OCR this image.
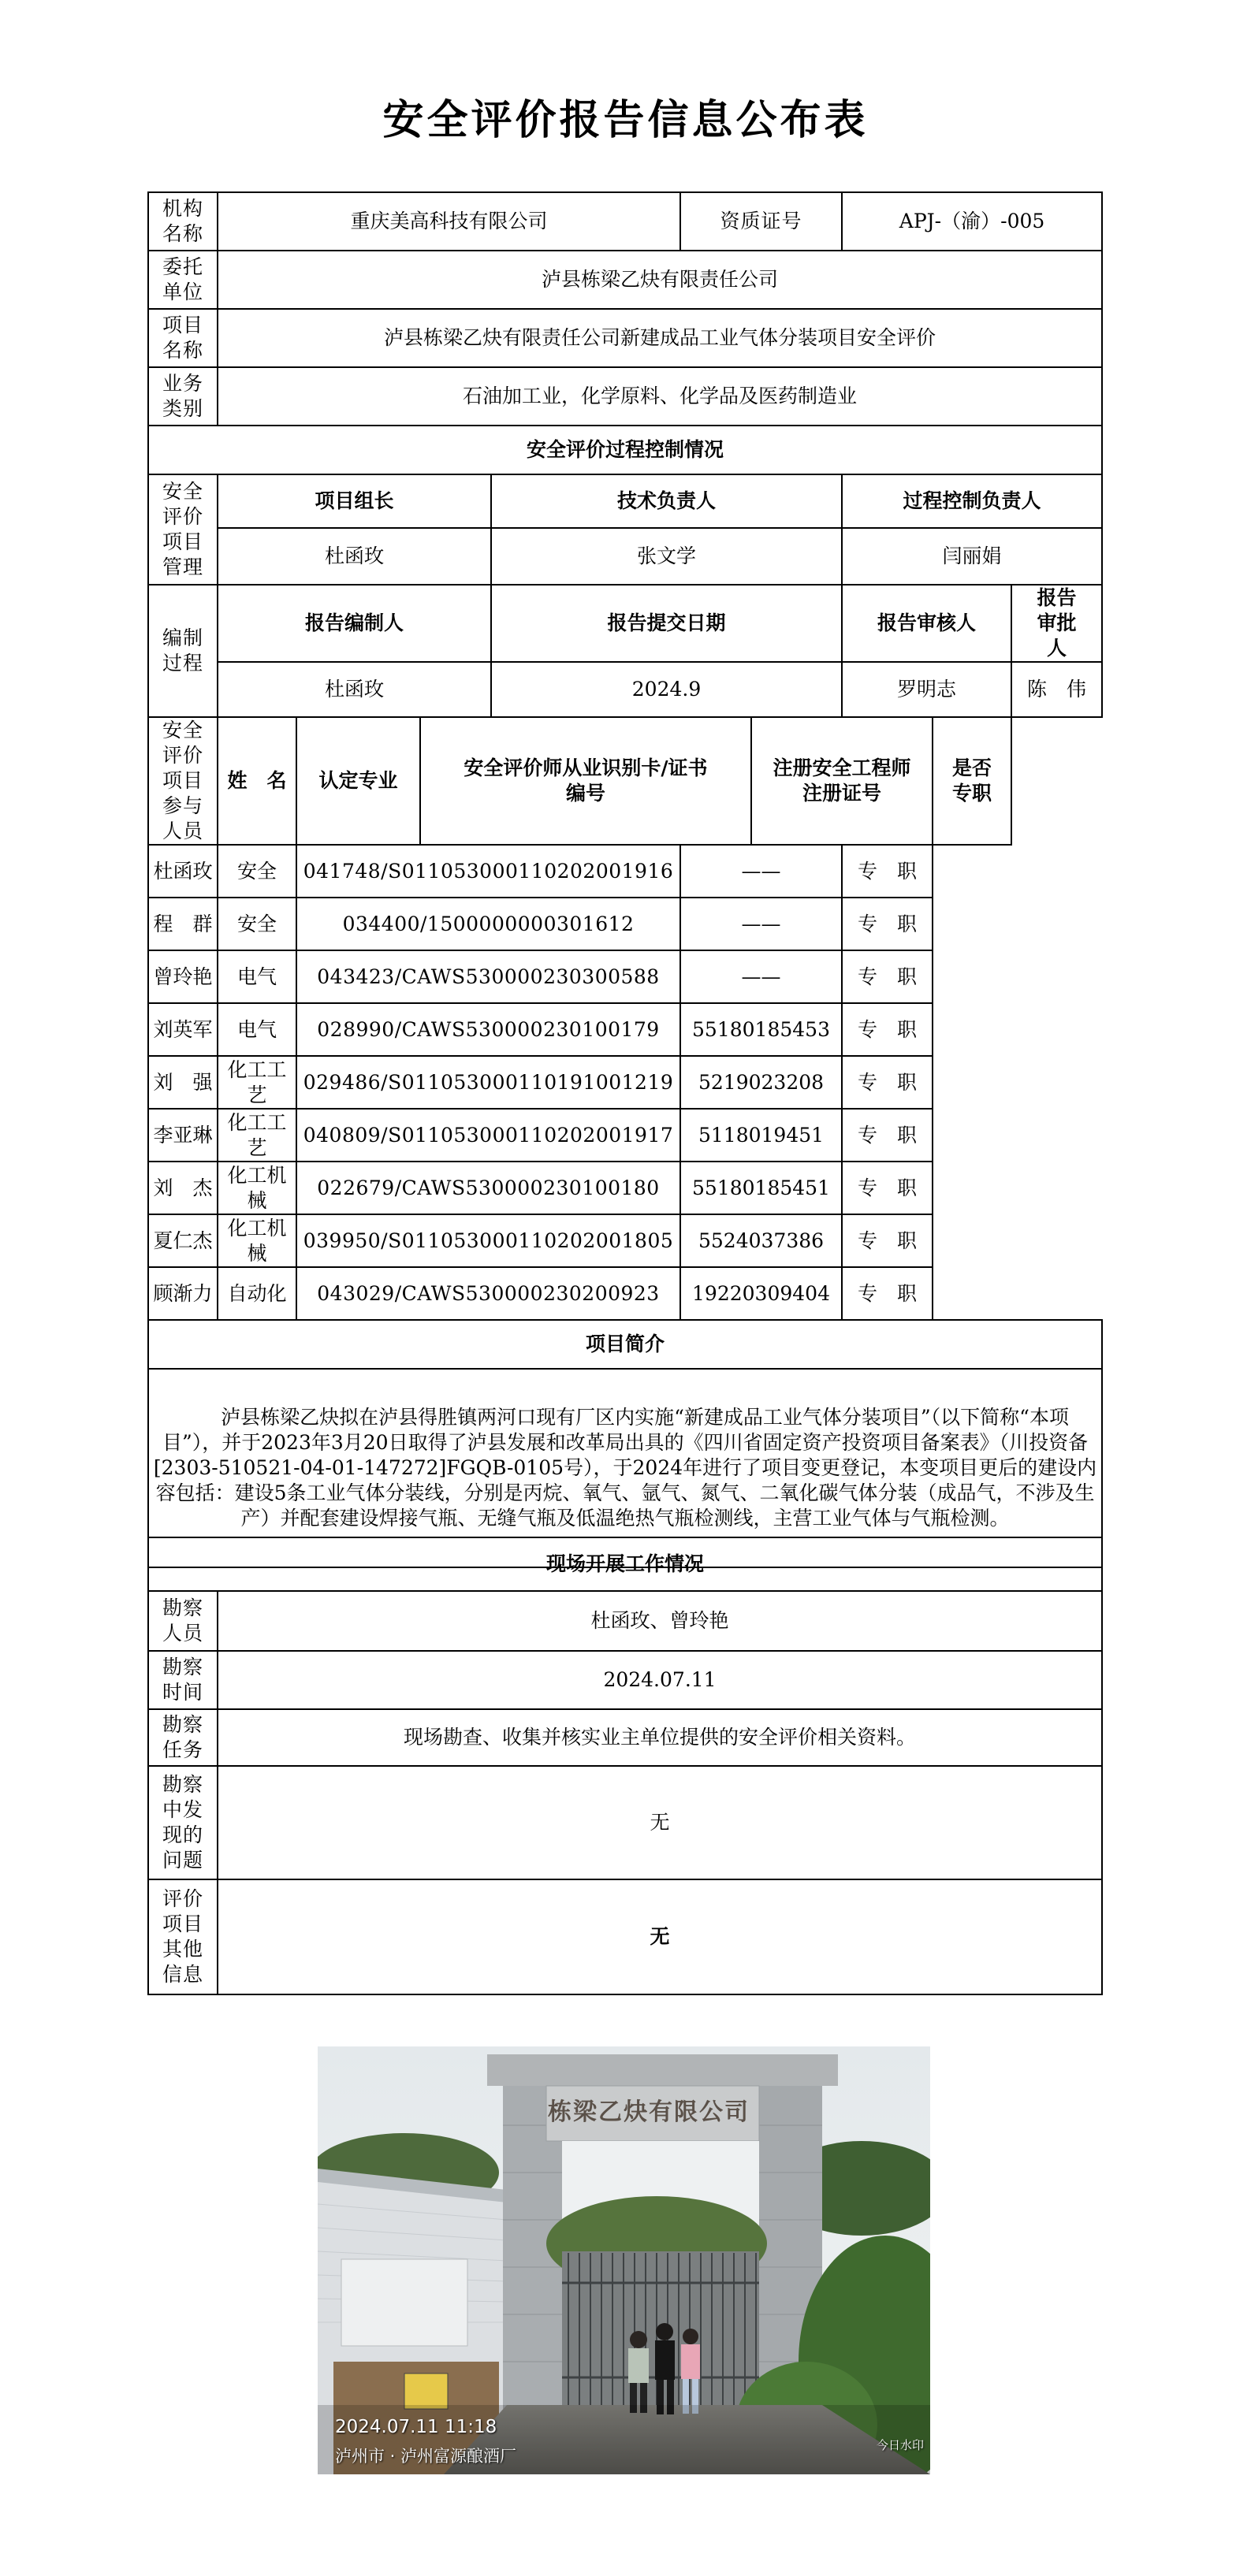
安全评价报告信息公布表
机构名称	重庆美高科技有限公司				资质证号		APJ-（渝）-005		
委托单位	泸县栋梁乙炔有限责任公司								
项目名称	泸县栋梁乙炔有限责任公司新建成品工业气体分装项目安全评价								
业务类别	石油加工业，化学原料、化学品及医药制造业								
安全评价过程控制情况									
安全评价项目管理	项目组长			技术负责人			过程控制负责人		
	杜函玫			张文学			闫丽娟		
编制过程	报告编制人			报告提交日期			报告审核人		报告审批人
	杜函玫			2024.9			罗明志		陈　伟
安全评价项目参与人员	姓　名	认定专业	安全评价师从业识别卡/证书编号			注册安全工程师注册证号		是否专职	
杜函玫	安全	041748/S011053000110202001916			——		专　职		
程　群	安全	034400/1500000000301612			——		专　职		
曾玲艳	电气	043423/CAWS530000230300588			——		专　职		
刘英军	电气	028990/CAWS530000230100179			55180185453		专　职		
刘　强	化工工艺	029486/S011053000110191001219			5219023208		专　职		
李亚琳	化工工艺	040809/S011053000110202001917			5118019451		专　职		
刘　杰	化工机械	022679/CAWS530000230100180			55180185451		专　职		
夏仁杰	化工机械	039950/S011053000110202001805			5524037386		专　职		
顾渐力	自动化	043029/CAWS530000230200923			19220309404		专　职		
项目简介									
泸县栋梁乙炔拟在泸县得胜镇两河口现有厂区内实施“新建成品工业气体分装项目”（以下简称“本项目”），并于2023年3月20日取得了泸县发展和改革局出具的《四川省固定资产投资项目备案表》（川投资备[2303-510521-04-01-147272]FGQB-0105号），于2024年进行了项目变更登记，本变项目更后的建设内容包括：建设5条工业气体分装线，分别是丙烷、氧气、氩气、氮气、二氧化碳气体分装（成品气，不涉及生产）并配套建设焊接气瓶、无缝气瓶及低温绝热气瓶检测线，主营工业气体与气瓶检测。									
现场开展工作情况	
勘察人员	杜函玫、曾玲艳
勘察时间	2024.07.11
勘察任务	现场勘查、收集并核实业主单位提供的安全评价相关资料。
勘察中发现的问题	无
评价项目其他信息	无
栋梁乙炔有限公司
2024.07.11 11:18
泸州市 · 泸州富源酿酒厂
今日水印
